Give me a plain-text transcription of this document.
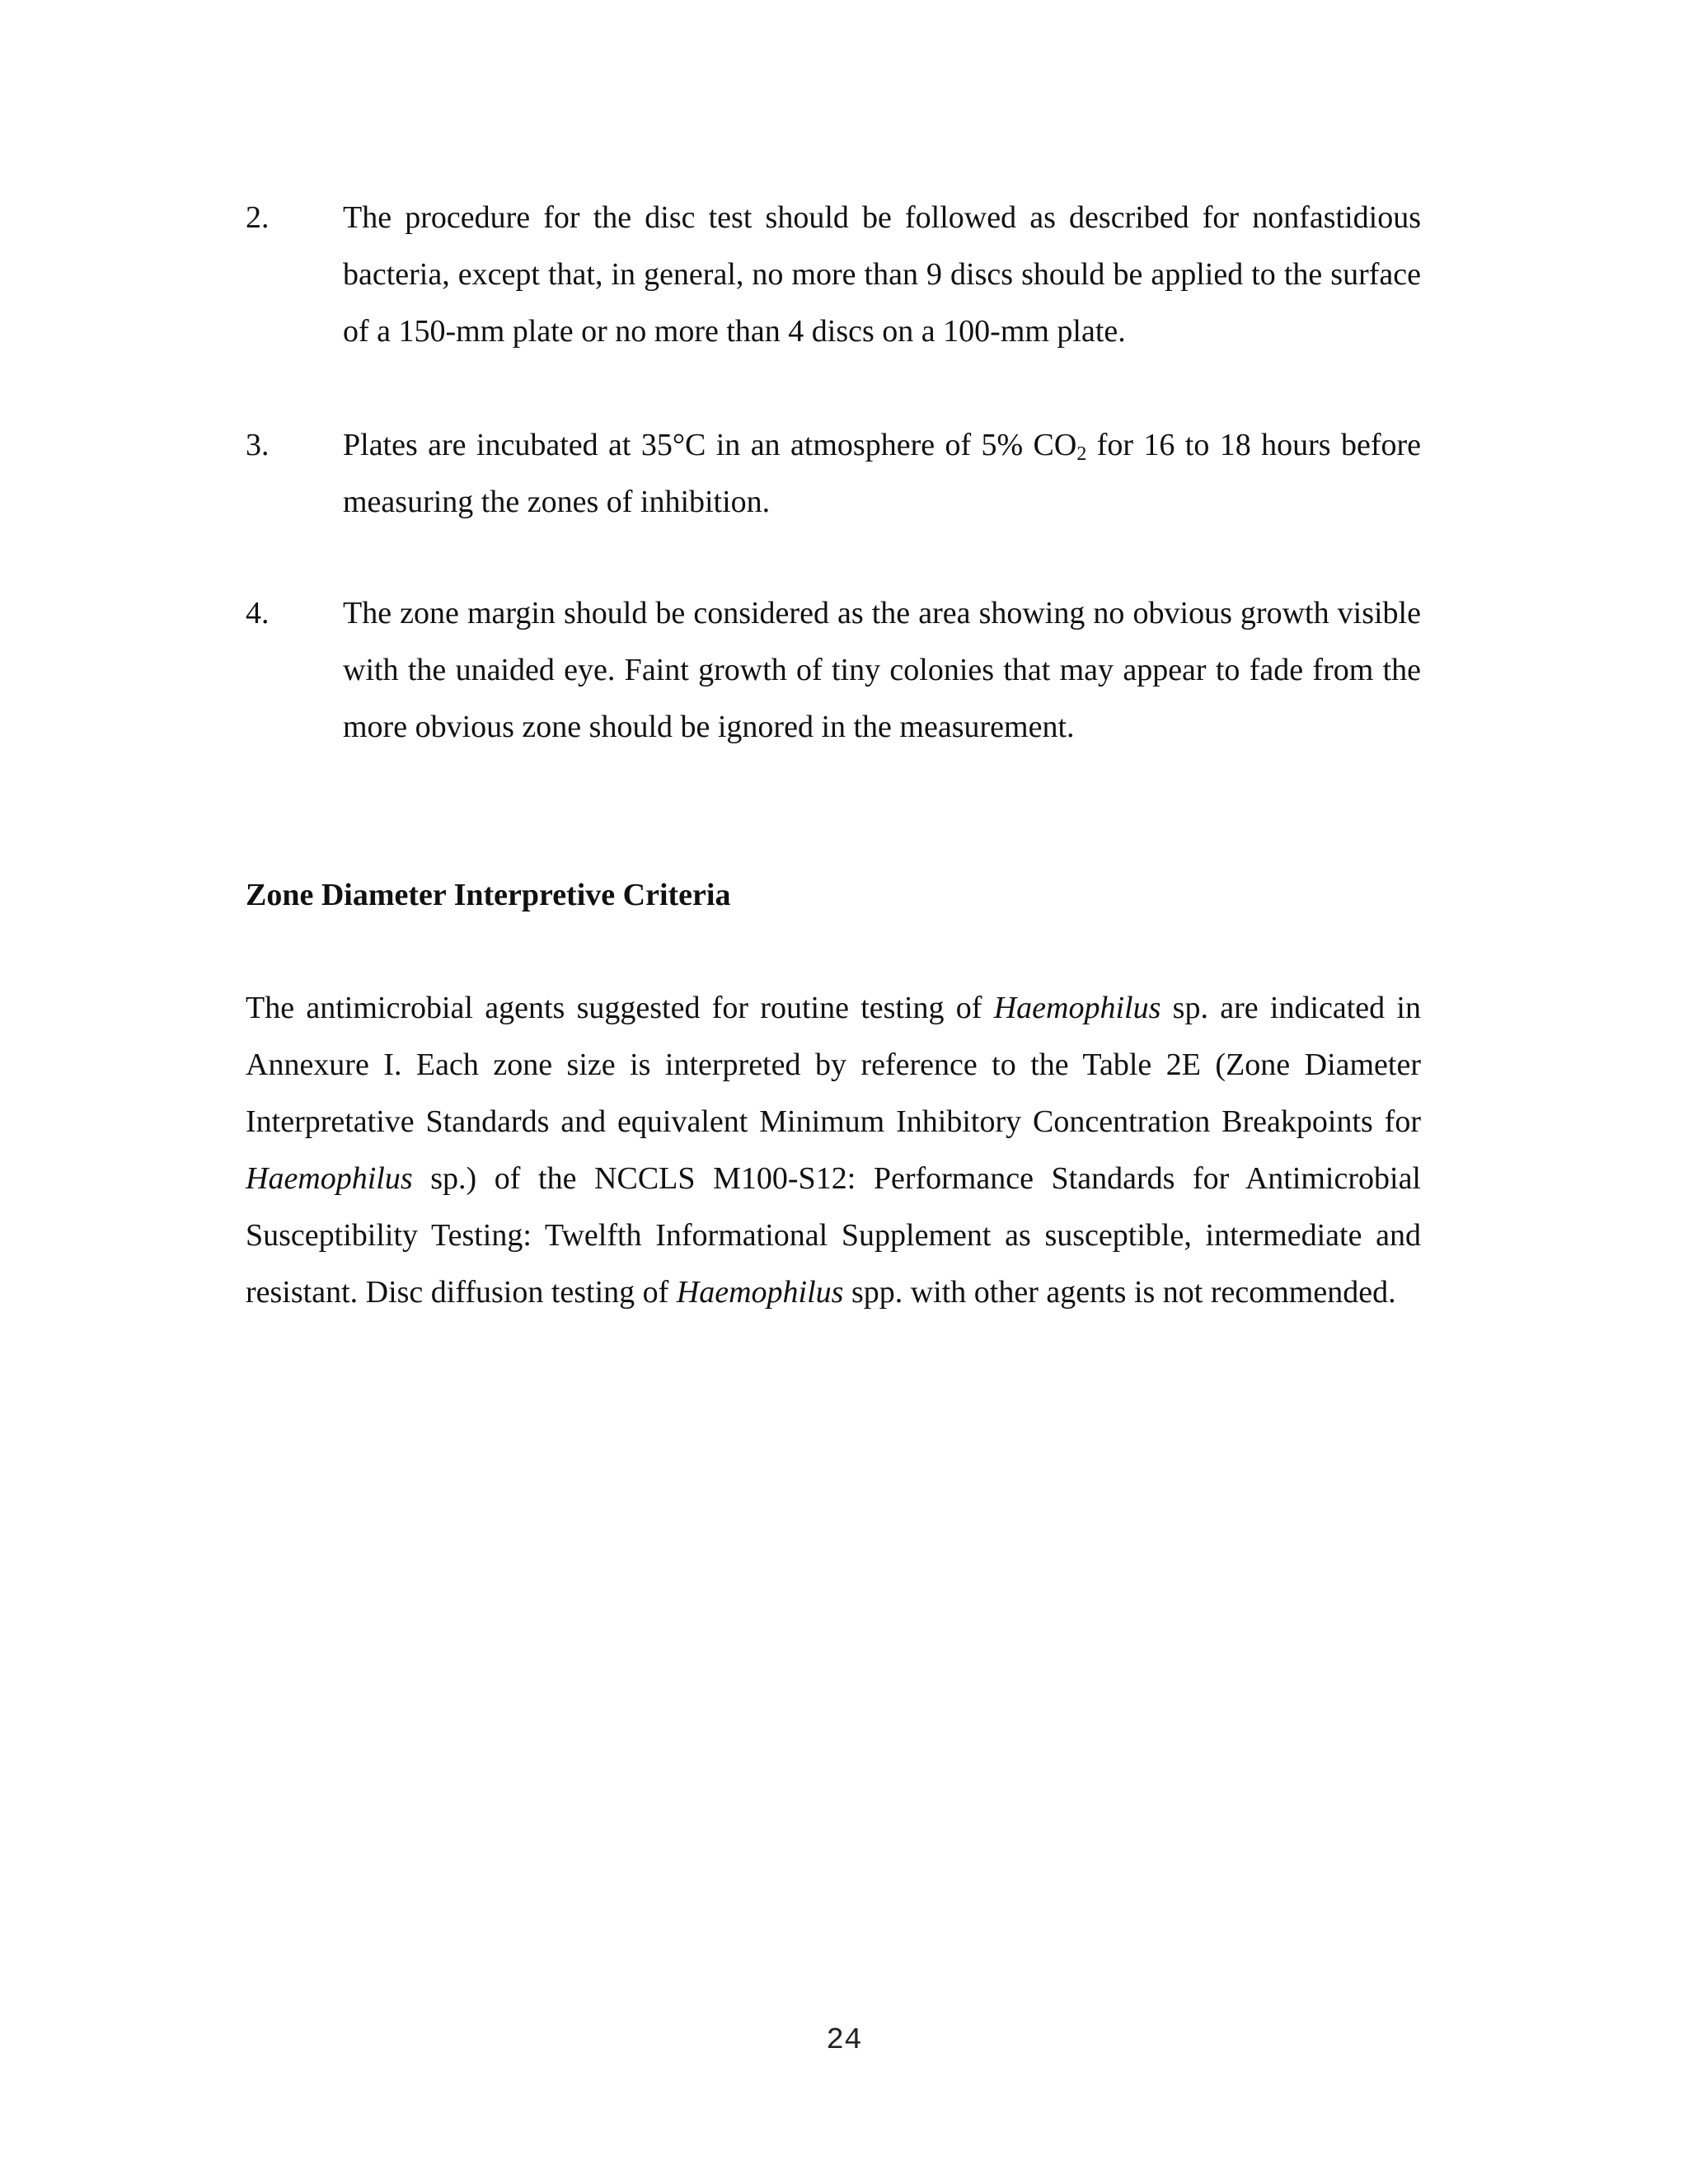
2. The procedure for the disc test should be followed as described for nonfastidious bacteria, except that, in general, no more than 9 discs should be applied to the surface of a 150-mm plate or no more than 4 discs on a 100-mm plate.
3. Plates are incubated at 35°C in an atmosphere of 5% $CO_2$ for 16 to 18 hours before measuring the zones of inhibition.
4. The zone margin should be considered as the area showing no obvious growth visible with the unaided eye. Faint growth of tiny colonies that may appear to fade from the more obvious zone should be ignored in the measurement.
Zone Diameter Interpretive Criteria
The antimicrobial agents suggested for routine testing of Haemophilus sp. are indicated in Annexure I. Each zone size is interpreted by reference to the Table 2E (Zone Diameter Interpretative Standards and equivalent Minimum Inhibitory Concentration Breakpoints for Haemophilus sp.) of the NCCLS M100-S12: Performance Standards for Antimicrobial Susceptibility Testing: Twelfth Informational Supplement as susceptible, intermediate and resistant. Disc diffusion testing of Haemophilus spp. with other agents is not recommended.
24
